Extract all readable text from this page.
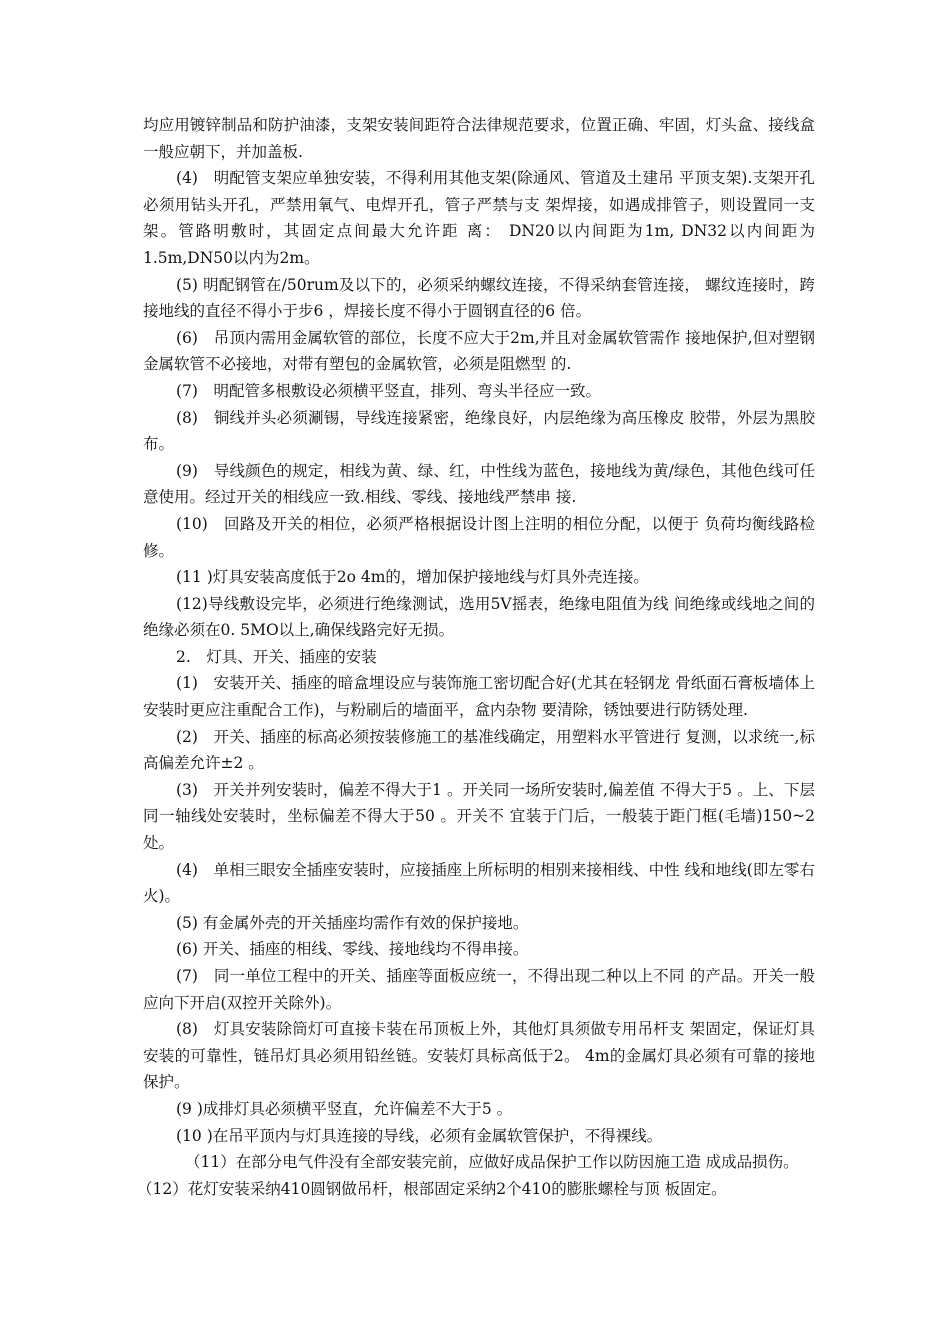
均应用镀锌制品和防护油漆，支架安装间距符合法律规范要求，位置正确、牢固，灯头盒、接线盒一般应朝下，并加盖板.

(4)　明配管支架应单独安装，不得利用其他支架(除通风、管道及土建吊 平顶支架).支架开孔必须用钻头开孔，严禁用氧气、电焊开孔，管子严禁与支 架焊接，如遇成排管子，则设置同一支架。管路明敷时，其固定点间最大允许距 离： DN20以内间距为1m, DN32以内间距为1.5m,DN50以内为2m。

(5) 明配钢管在/50rum及以下的，必须采纳螺纹连接，不得采纳套管连接， 螺纹连接时，跨接地线的直径不得小于步6 ，焊接长度不得小于圆钢直径的6 倍。

(6)　吊顶内需用金属软管的部位，长度不应大于2m,并且对金属软管需作 接地保护,但对塑钢金属软管不必接地，对带有塑包的金属软管，必须是阻燃型 的.

(7)　明配管多根敷设必须横平竖直，排列、弯头半径应一致。

(8)　铜线并头必须涮锡，导线连接紧密，绝缘良好，内层绝缘为高压橡皮 胶带，外层为黑胶布。

(9)　导线颜色的规定，相线为黄、绿、红，中性线为蓝色，接地线为黄/绿色，其他色线可任意使用。经过开关的相线应一致.相线、零线、接地线严禁串 接.

(10)　回路及开关的相位，必须严格根据设计图上注明的相位分配，以便于 负荷均衡线路检修。

(11 )灯具安装高度低于2o 4m的，增加保护接地线与灯具外壳连接。

(12)导线敷设完毕，必须进行绝缘测试，选用5V摇表，绝缘电阻值为线 间绝缘或线地之间的绝缘必须在0. 5MO以上,确保线路完好无损。

2.　灯具、开关、插座的安装

(1)　安装开关、插座的暗盒埋设应与装饰施工密切配合好(尤其在轻钢龙 骨纸面石膏板墙体上安装时更应注重配合工作)，与粉刷后的墙面平，盒内杂物 要清除，锈蚀要进行防锈处理.

(2)　开关、插座的标高必须按装修施工的基准线确定，用塑料水平管进行 复测，以求统一,标高偏差允许±2 。

(3)　开关并列安装时，偏差不得大于1 。开关同一场所安装时,偏差值 不得大于5 。上、下层同一轴线处安装时，坐标偏差不得大于50 。开关不 宜装于门后，一般装于距门框(毛墙)150~2 处。

(4)　单相三眼安全插座安装时，应接插座上所标明的相别来接相线、中性 线和地线(即左零右火)。

(5) 有金属外壳的开关插座均需作有效的保护接地。

(6) 开关、插座的相线、零线、接地线均不得串接。

(7)　同一单位工程中的开关、插座等面板应统一，不得出现二种以上不同 的产品。开关一般应向下开启(双控开关除外)。

(8)　灯具安装除筒灯可直接卡装在吊顶板上外，其他灯具须做专用吊杆支 架固定，保证灯具安装的可靠性，链吊灯具必须用铅丝链。安装灯具标高低于2。 4m的金属灯具必须有可靠的接地保护。

(9 )成排灯具必须横平竖直，允许偏差不大于5 。

(10 )在吊平顶内与灯具连接的导线，必须有金属软管保护，不得裸线。

（11）在部分电气件没有全部安装完前，应做好成品保护工作以防因施工造 成成品损伤。

（12）花灯安装采纳410圆钢做吊杆，根部固定采纳2个410的膨胀螺栓与顶 板固定。
